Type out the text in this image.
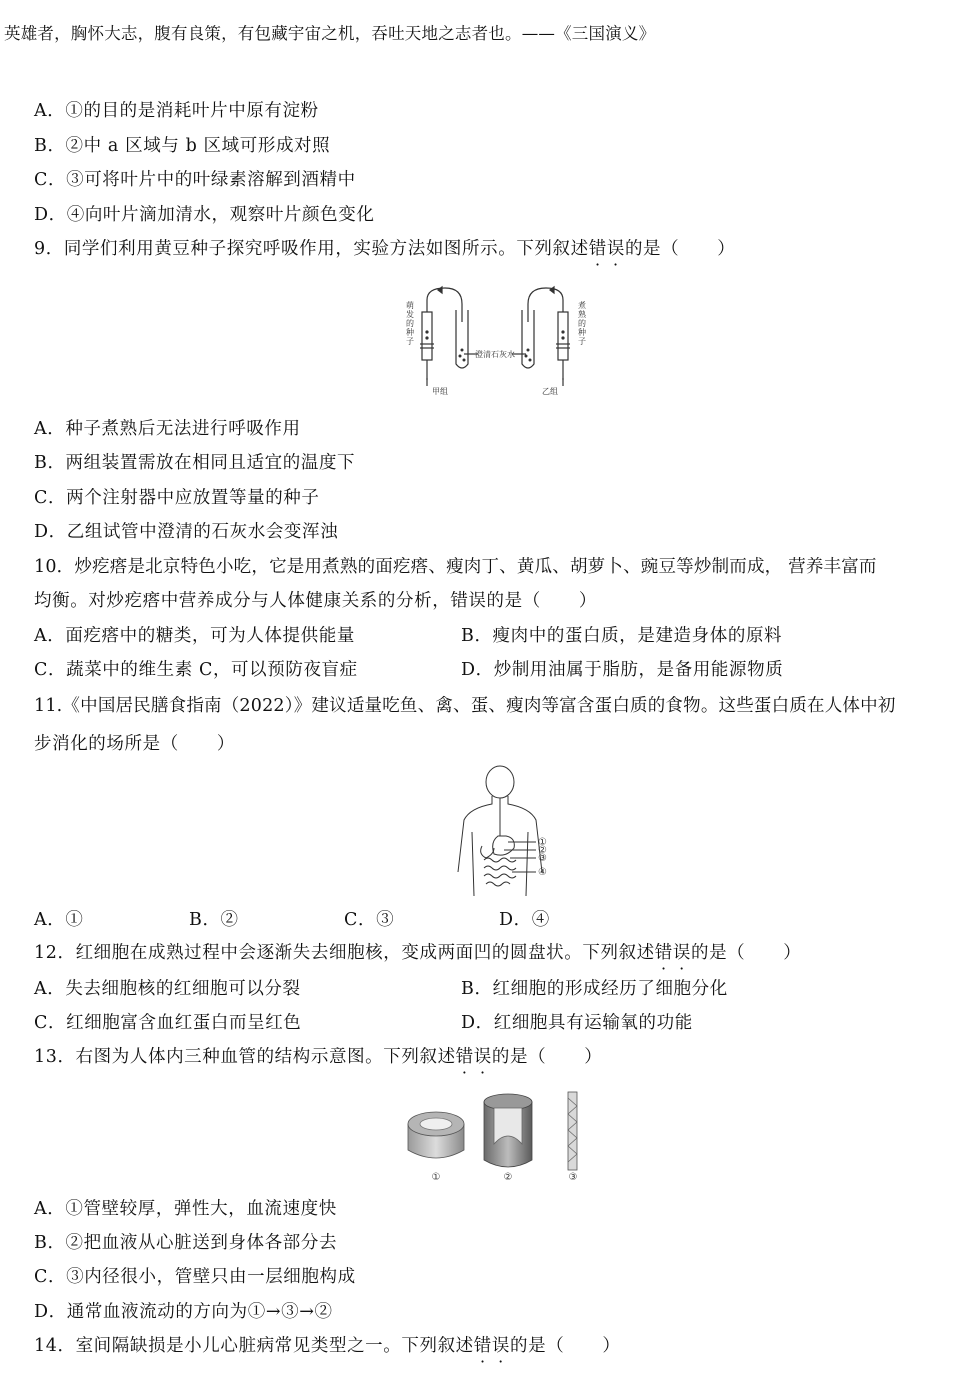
英雄者，胸怀大志，腹有良策，有包藏宇宙之机，吞吐天地之志者也。——《三国演义》
A．①的目的是消耗叶片中原有淀粉
B．②中 a 区域与 b 区域可形成对照
C．③可将叶片中的叶绿素溶解到酒精中
D．④向叶片滴加清水，观察叶片颜色变化
9．同学们利用黄豆种子探究呼吸作用，实验方法如图所示。下列叙述错误的是（ ）
萌发的种子
煮熟的种子
澄清石灰水
甲组	乙组
A．种子煮熟后无法进行呼吸作用
B．两组装置需放在相同且适宜的温度下
C．两个注射器中应放置等量的种子
D．乙组试管中澄清的石灰水会变浑浊
10．炒疙瘩是北京特色小吃，它是用煮熟的面疙瘩、瘦肉丁、黄瓜、胡萝卜、豌豆等炒制而成， 营养丰富而
均衡。对炒疙瘩中营养成分与人体健康关系的分析，错误的是（ ）
A．面疙瘩中的糖类，可为人体提供能量	B．瘦肉中的蛋白质，是建造身体的原料
C．蔬菜中的维生素 C，可以预防夜盲症	D．炒制用油属于脂肪，是备用能源物质
11.《中国居民膳食指南（2022）》建议适量吃鱼、禽、蛋、瘦肉等富含蛋白质的食物。这些蛋白质在人体中初
步消化的场所是（ ）
①
②
③
④
A．①	B．②	C．③	D．④
12．红细胞在成熟过程中会逐渐失去细胞核，变成两面凹的圆盘状。下列叙述错误的是（ ）
A．失去细胞核的红细胞可以分裂	B．红细胞的形成经历了细胞分化
C．红细胞富含血红蛋白而呈红色	D．红细胞具有运输氧的功能
13．右图为人体内三种血管的结构示意图。下列叙述错误的是（ ）
①	②	③
A．①管壁较厚，弹性大，血流速度快
B．②把血液从心脏送到身体各部分去
C．③内径很小，管壁只由一层细胞构成
D．通常血液流动的方向为①→③→②
14．室间隔缺损是小儿心脏病常见类型之一。下列叙述错误的是（ ）
